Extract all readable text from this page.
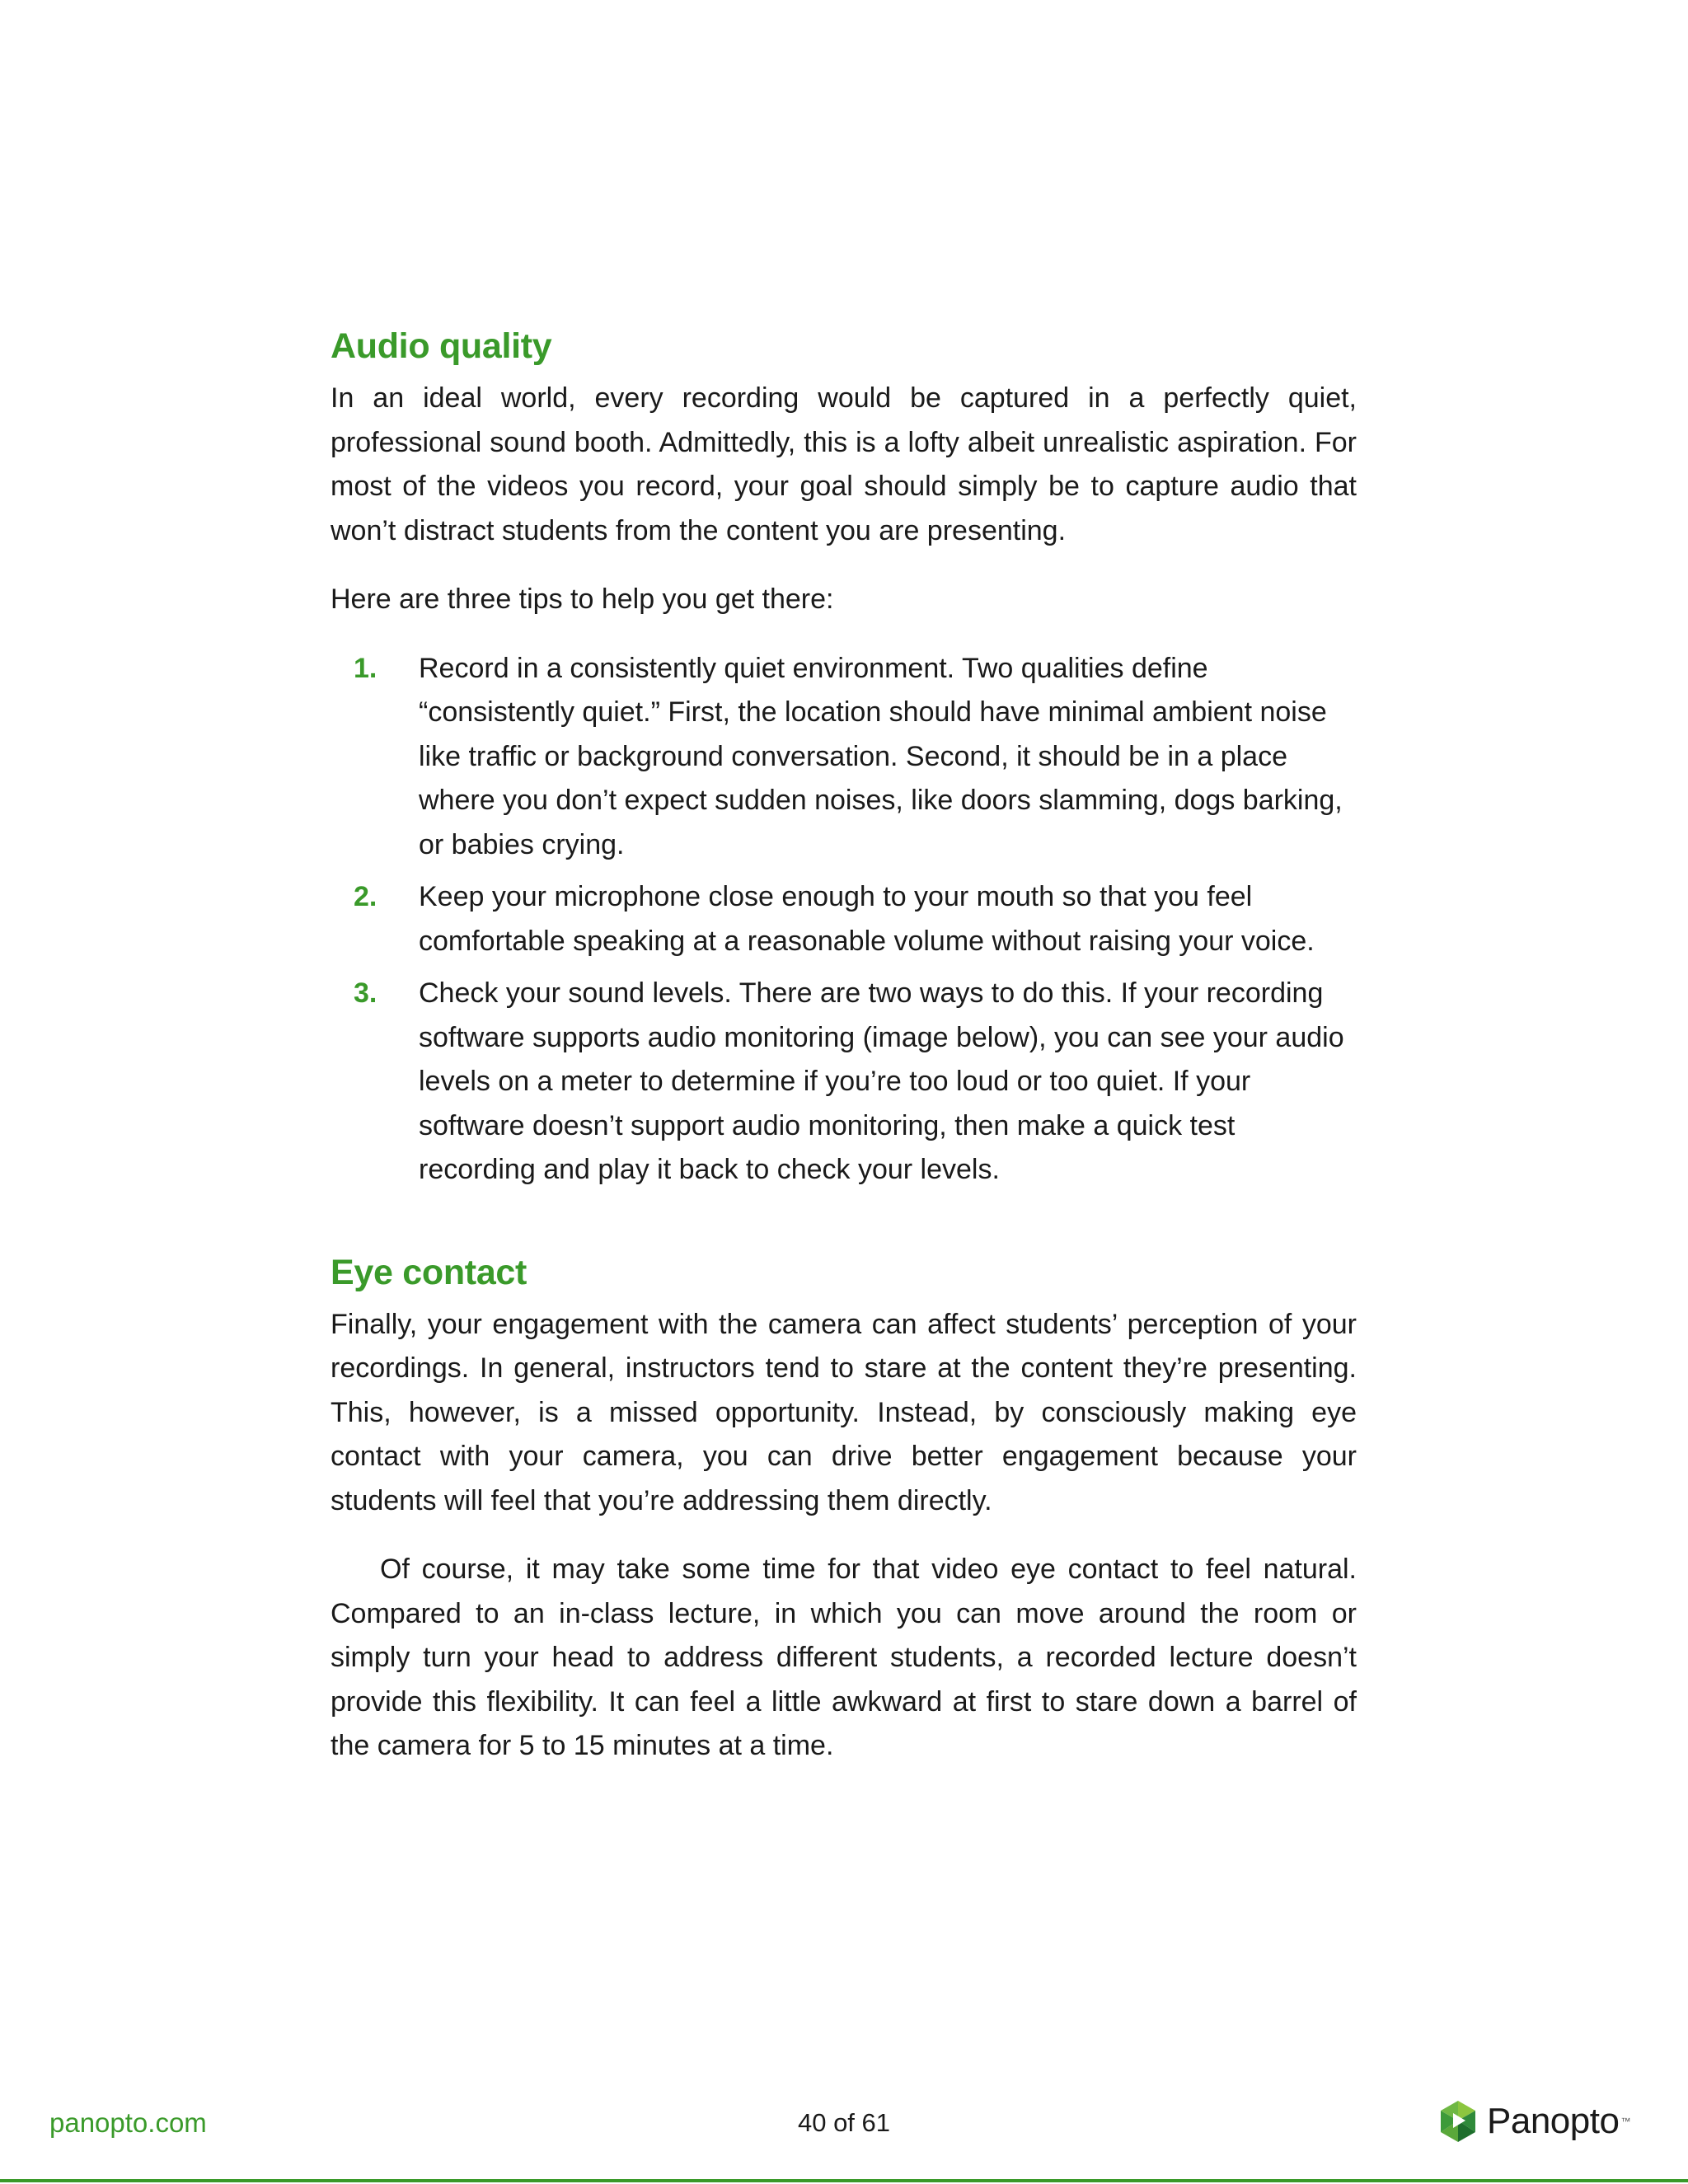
Audio quality

In an ideal world, every recording would be captured in a perfectly quiet, professional sound booth. Admittedly, this is a lofty albeit unrealistic aspiration. For most of the videos you record, your goal should simply be to capture audio that won’t distract students from the content you are presenting.

Here are three tips to help you get there:

1. Record in a consistently quiet environment. Two qualities define “consistently quiet.” First, the location should have minimal ambient noise like traffic or background conversation. Second, it should be in a place where you don’t expect sudden noises, like doors slamming, dogs barking, or babies crying.
2. Keep your microphone close enough to your mouth so that you feel comfortable speaking at a reasonable volume without raising your voice.
3. Check your sound levels. There are two ways to do this. If your recording software supports audio monitoring (image below), you can see your audio levels on a meter to determine if you’re too loud or too quiet. If your software doesn’t support audio monitoring, then make a quick test recording and play it back to check your levels.
Eye contact

Finally, your engagement with the camera can affect students’ perception of your recordings. In general, instructors tend to stare at the content they’re presenting. This, however, is a missed opportunity. Instead, by consciously making eye contact with your camera, you can drive better engagement because your students will feel that you’re addressing them directly.

Of course, it may take some time for that video eye contact to feel natural. Compared to an in-class lecture, in which you can move around the room or simply turn your head to address different students, a recorded lecture doesn’t provide this flexibility. It can feel a little awkward at first to stare down a barrel of the camera for 5 to 15 minutes at a time.

panopto.com	40 of 61	Panopto ™
